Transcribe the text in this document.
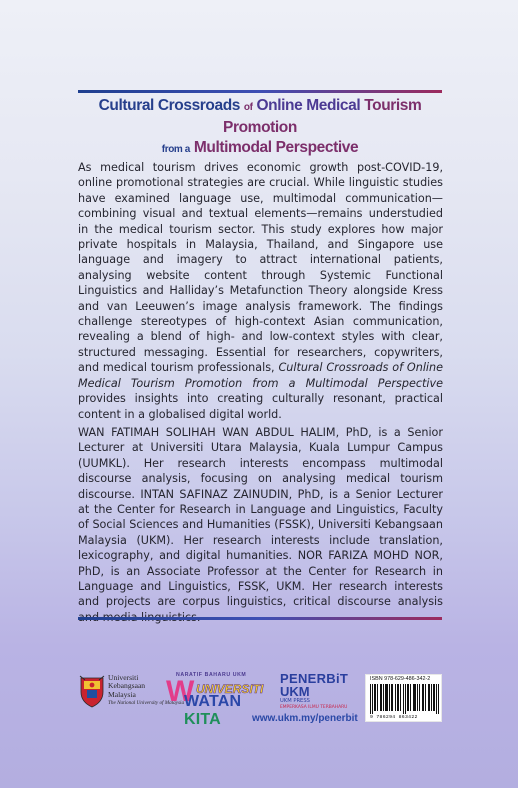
Cultural Crossroads of Online Medical Tourism Promotion
from a Multimodal Perspective

As medical tourism drives economic growth post-COVID-19, online promotional strategies are crucial. While linguistic studies have examined language use, multimodal communication—combining visual and textual elements—remains understudied in the medical tourism sector. This study explores how major private hospitals in Malaysia, Thailand, and Singapore use language and imagery to attract international patients, analysing website content through Systemic Functional Linguistics and Halliday’s Metafunction Theory alongside Kress and van Leeuwen’s image analysis framework. The findings challenge stereotypes of high-context Asian communication, revealing a blend of high- and low-context styles with clear, structured messaging. Essential for researchers, copywriters, and medical tourism professionals, Cultural Crossroads of Online Medical Tourism Promotion from a Multimodal Perspective provides insights into creating culturally resonant, practical content in a globalised digital world.

WAN FATIMAH SOLIHAH WAN ABDUL HALIM, PhD, is a Senior Lecturer at Universiti Utara Malaysia, Kuala Lumpur Campus (UUMKL). Her research interests encompass multimodal discourse analysis, focusing on analysing medical tourism discourse. INTAN SAFINAZ ZAINUDIN, PhD, is a Senior Lecturer at the Center for Research in Language and Linguistics, Faculty of Social Sciences and Humanities (FSSK), Universiti Kebangsaan Malaysia (UKM). Her research interests include translation, lexicography, and digital humanities. NOR FARIZA MOHD NOR, PhD, is an Associate Professor at the Center for Research in Language and Linguistics, FSSK, UKM. Her research interests and projects are corpus linguistics, critical discourse analysis

Universiti
Kebangsaan
Malaysia
The National University of Malaysia
NARATIF BAHARU UKM
W UNIVERSITI
WATAN KITA
PENERBiT
UKM
UKM PRESS
EMPERKASA ILMU TERBAHARU
www.ukm.my/penerbit
ISBN 978-629-486-342-2
9 786294 863422
